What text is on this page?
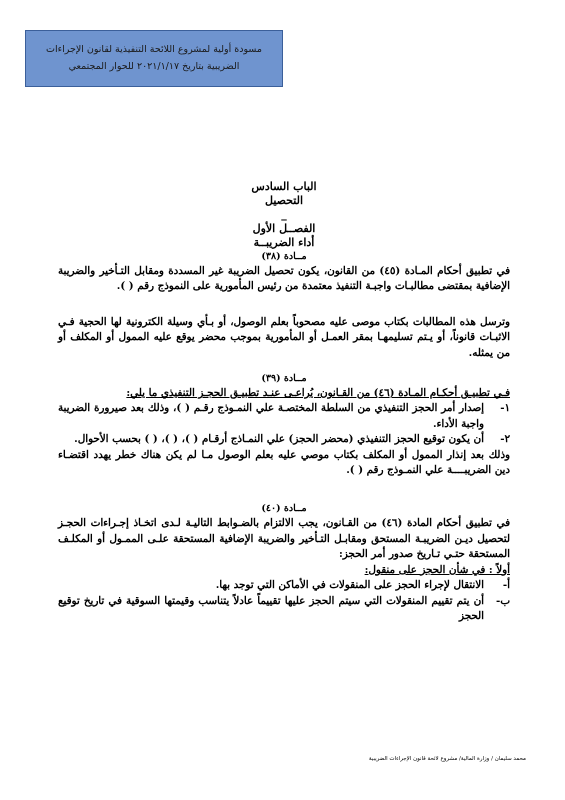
مسودة أولية لمشروع اللائحة التنفيذية لقانون الإجراءات
الضريبية بتاريخ ٢٠٢١/١/١٧ للحوار المجتمعي

الباب السادس

التحصيل

_

الفصــل الأول

أداء الضريبــة

مــادة (٣٨)

في تطبيق أحكام المـادة (٤٥) من القانون، يكون تحصيل الضريبة غير المسددة ومقابل التـأخير والضريبة الإضافية بمقتضى مطالبـات واجبـة التنفيذ معتمدة من رئيس المأمورية على النموذج رقم ( ).

وترسل هذه المطالبات بكتاب موصى عليه مصحوباً بعلم الوصول، أو بـأي وسيلة الكترونية لها الحجية فـي الاثبـات قانوناً، أو يـتم تسليمهـا بمقر العمـل أو المأمورية بموجب محضر يوقع عليه الممول أو المكلف أو من يمثله.

مــادة (٣٩)

فـي تطبيـق أحكـام المـادة (٤٦) من القـانون، يُراعـى عنـد تطبيـق الحجـز التنفيذي ما يلي:

١-
إصدار أمر الحجز التنفيذي من السلطة المختصـة علي النمـوذج رقـم ( )، وذلك بعد صيرورة الضريبة واجبة الأداء.
٢-
أن يكون توقيع الحجز التنفيذي (محضر الحجز) علي النمـاذج أرقـام ( )، ( )، ( ) بحسب الأحوال.

وذلك بعد إنذار الممول أو المكلف بكتاب موصي عليه بعلم الوصول مـا لم يكن هناك خطر يهدد اقتضـاء دين الضريبــــة علي النمـوذج رقم ( ).

مــادة (٤٠)

في تطبيق أحكام المادة (٤٦) من القـانون، يجب الالتزام بالضـوابط التاليـة لـدى اتخـاذ إجـراءات الحجـز لتحصيل ديـن الضريبـة المستحق ومقابـل التـأخير والضريبة الإضافية المستحقة علـى الممـول أو المكلـف المستحقة حتـي تـاريخ صدور أمر الحجز:

أولاً : في شأن الحجز على منقول:

أ-
الانتقال لإجراء الحجز على المنقولات في الأماكن التي توجد بها.
ب-
أن يتم تقييم المنقولات التي سيتم الحجز عليها تقييماً عادلاً يتناسب وقيمتها السوقية في تاريخ توقيع الحجز
محمد سليمان / وزارة المالية/ مشروع لائحة قانون الإجراءات الضريبية
